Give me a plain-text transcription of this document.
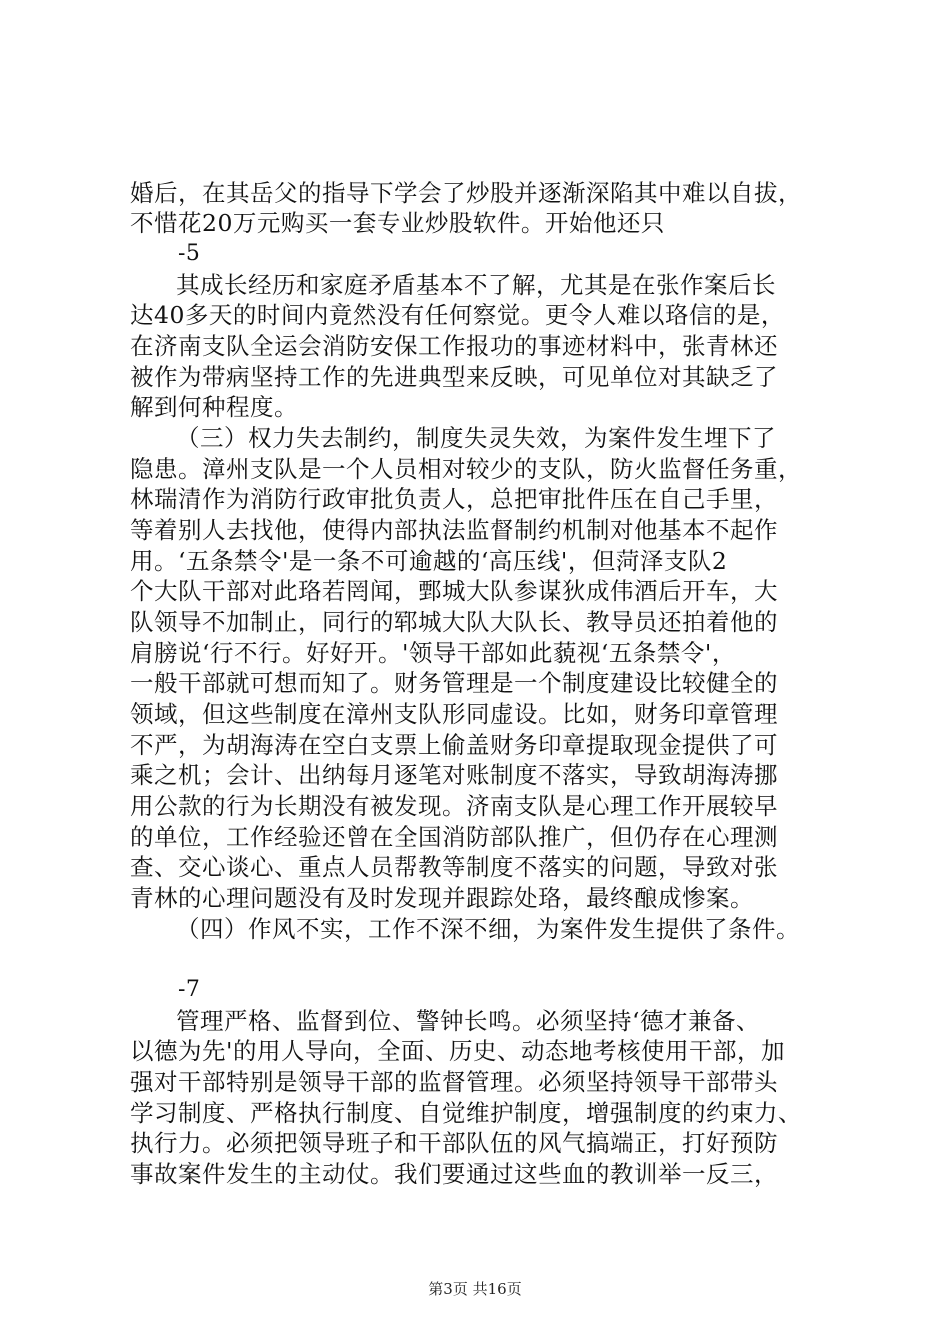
婚后，在其岳父的指导下学会了炒股并逐渐深陷其中难以自拔，
不惜花20万元购买一套专业炒股软件。开始他还只
-5
其成长经历和家庭矛盾基本不了解，尤其是在张作案后长
达40多天的时间内竟然没有任何察觉。更令人难以珞信的是，
在济南支队全运会消防安保工作报功的事迹材料中，张青林还
被作为带病坚持工作的先进典型来反映，可见单位对其缺乏了
解到何种程度。
（三）权力失去制约，制度失灵失效，为案件发生埋下了
隐患。漳州支队是一个人员相对较少的支队，防火监督任务重，
林瑞清作为消防行政审批负责人，总把审批件压在自己手里，
等着别人去找他，使得内部执法监督制约机制对他基本不起作
用。‘五条禁令'是一条不可逾越的‘高压线'，但菏泽支队2
个大队干部对此珞若罔闻，鄄城大队参谋狄成伟酒后开车，大
队领导不加制止，同行的郓城大队大队长、教导员还拍着他的
肩膀说‘行不行。好好开。'领导干部如此藐视‘五条禁令'，
一般干部就可想而知了。财务管理是一个制度建设比较健全的
领域，但这些制度在漳州支队形同虚设。比如，财务印章管理
不严，为胡海涛在空白支票上偷盖财务印章提取现金提供了可
乘之机；会计、出纳每月逐笔对账制度不落实，导致胡海涛挪
用公款的行为长期没有被发现。济南支队是心理工作开展较早
的单位，工作经验还曾在全国消防部队推广，但仍存在心理测
查、交心谈心、重点人员帮教等制度不落实的问题，导致对张
青林的心理问题没有及时发现并跟踪处珞，最终酿成惨案。
（四）作风不实，工作不深不细，为案件发生提供了条件。
-7
管理严格、监督到位、警钟长鸣。必须坚持‘德才兼备、
以德为先'的用人导向，全面、历史、动态地考核使用干部，加
强对干部特别是领导干部的监督管理。必须坚持领导干部带头
学习制度、严格执行制度、自觉维护制度，增强制度的约束力、
执行力。必须把领导班子和干部队伍的风气搞端正，打好预防
事故案件发生的主动仗。我们要通过这些血的教训举一反三，
第3页 共16页
